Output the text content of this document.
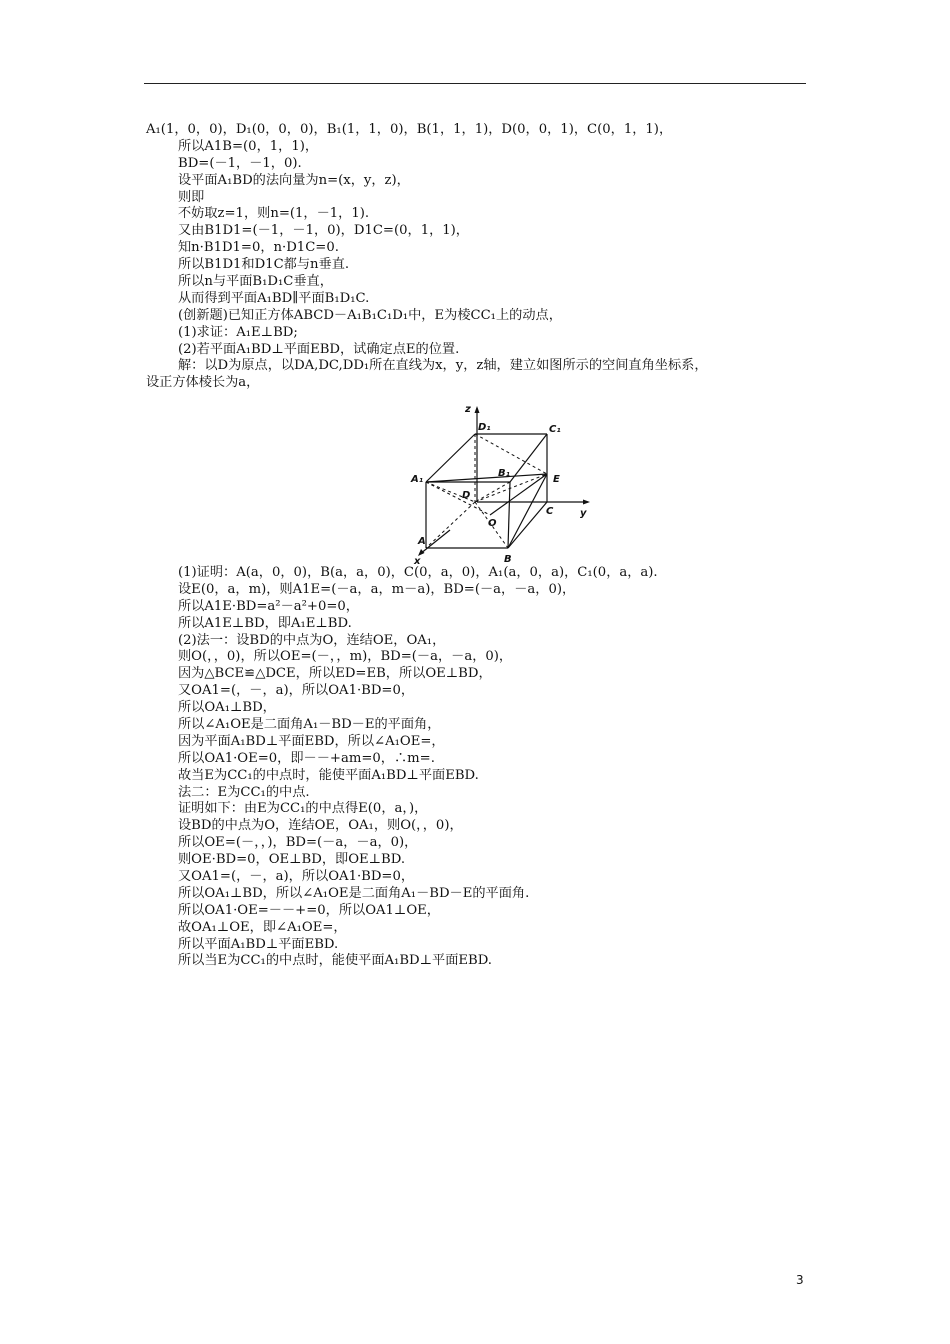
A₁(1，0，0)，D₁(0，0，0)，B₁(1，1，0)，B(1，1，1)，D(0，0，1)，C(0，1，1)，
所以A1B=(0，1，1)，
BD=(－1，－1，0).
设平面A₁BD的法向量为n=(x，y，z)，
则即
不妨取z=1，则n=(1，－1，1).
又由B1D1=(－1，－1，0)，D1C=(0，1，1)，
知n·B1D1=0，n·D1C=0.
所以B1D1和D1C都与n垂直.
所以n与平面B₁D₁C垂直，
从而得到平面A₁BD∥平面B₁D₁C.
(创新题)已知正方体ABCD－A₁B₁C₁D₁中，E为棱CC₁上的动点，
(1)求证：A₁E⊥BD;
(2)若平面A₁BD⊥平面EBD，试确定点E的位置.
解：以D为原点，以DA,DC,DD₁所在直线为x，y，z轴，建立如图所示的空间直角坐标系，
设正方体棱长为a，
z
y
x
D₁	C₁
B₁
A₁
D
E
O
C
A
B
(1)证明：A(a，0，0)，B(a，a，0)，C(0，a，0)，A₁(a，0，a)，C₁(0，a，a).
设E(0，a，m)，则A1E=(－a，a，m－a)，BD=(－a，－a，0)，
所以A1E·BD=a²－a²+0=0，
所以A1E⊥BD，即A₁E⊥BD.
(2)法一：设BD的中点为O，连结OE，OA₁，
则O(，，0)，所以OE=(－，，m)，BD=(－a，－a，0)，
因为△BCE≌△DCE，所以ED=EB，所以OE⊥BD，
又OA1=(，－，a)，所以OA1·BD=0，
所以OA₁⊥BD，
所以∠A₁OE是二面角A₁－BD－E的平面角，
因为平面A₁BD⊥平面EBD，所以∠A₁OE=，
所以OA1·OE=0，即－－+am=0，∴m=.
故当E为CC₁的中点时，能使平面A₁BD⊥平面EBD.
法二：E为CC₁的中点.
证明如下：由E为CC₁的中点得E(0，a，)，
设BD的中点为O，连结OE，OA₁，则O(，，0)，
所以OE=(－，，)，BD=(－a，－a，0)，
则OE·BD=0，OE⊥BD，即OE⊥BD.
又OA1=(，－，a)，所以OA1·BD=0，
所以OA₁⊥BD，所以∠A₁OE是二面角A₁－BD－E的平面角.
所以OA1·OE=－－+=0，所以OA1⊥OE，
故OA₁⊥OE，即∠A₁OE=，
所以平面A₁BD⊥平面EBD.
所以当E为CC₁的中点时，能使平面A₁BD⊥平面EBD.
3
